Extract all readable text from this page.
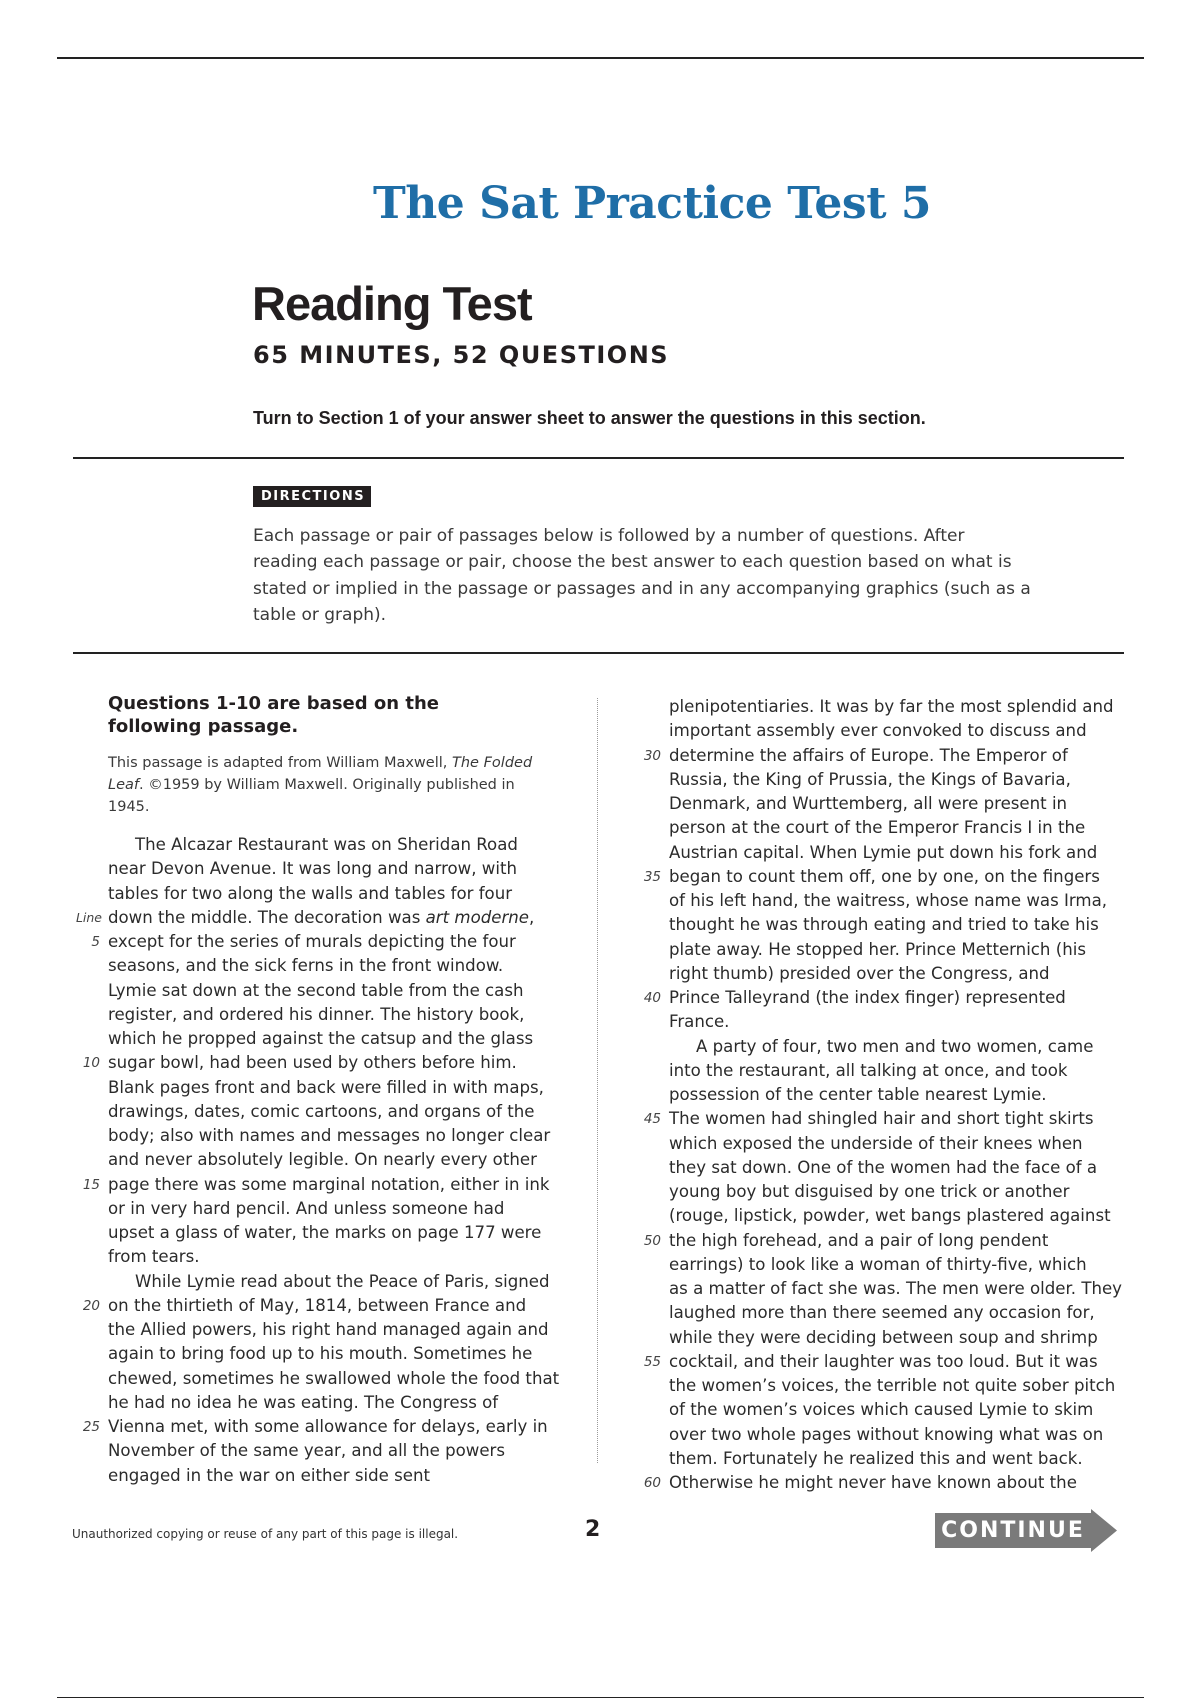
The Sat Practice Test 5
Reading Test
65 MINUTES, 52 QUESTIONS
Turn to Section 1 of your answer sheet to answer the questions in this section.
DIRECTIONS
Each passage or pair of passages below is followed by a number of questions. After reading each passage or pair, choose the best answer to each question based on what is stated or implied in the passage or passages and in any accompanying graphics (such as a table or graph).
Questions 1-10 are based on the following passage.
This passage is adapted from William Maxwell, The Folded Leaf. ©1959 by William Maxwell. Originally published in 1945.
The Alcazar Restaurant was on Sheridan Road
near Devon Avenue. It was long and narrow, with
tables for two along the walls and tables for four
Line down the middle. The decoration was art moderne,
5 except for the series of murals depicting the four
seasons, and the sick ferns in the front window.
Lymie sat down at the second table from the cash
register, and ordered his dinner. The history book,
which he propped against the catsup and the glass
10 sugar bowl, had been used by others before him.
Blank pages front and back were filled in with maps,
drawings, dates, comic cartoons, and organs of the
body; also with names and messages no longer clear
and never absolutely legible. On nearly every other
15 page there was some marginal notation, either in ink
or in very hard pencil. And unless someone had
upset a glass of water, the marks on page 177 were
from tears.
While Lymie read about the Peace of Paris, signed
20 on the thirtieth of May, 1814, between France and
the Allied powers, his right hand managed again and
again to bring food up to his mouth. Sometimes he
chewed, sometimes he swallowed whole the food that
he had no idea he was eating. The Congress of
25 Vienna met, with some allowance for delays, early in
November of the same year, and all the powers
engaged in the war on either side sent
plenipotentiaries. It was by far the most splendid and
important assembly ever convoked to discuss and
30 determine the affairs of Europe. The Emperor of
Russia, the King of Prussia, the Kings of Bavaria,
Denmark, and Wurttemberg, all were present in
person at the court of the Emperor Francis I in the
Austrian capital. When Lymie put down his fork and
35 began to count them off, one by one, on the fingers
of his left hand, the waitress, whose name was Irma,
thought he was through eating and tried to take his
plate away. He stopped her. Prince Metternich (his
right thumb) presided over the Congress, and
40 Prince Talleyrand (the index finger) represented
France.
A party of four, two men and two women, came
into the restaurant, all talking at once, and took
possession of the center table nearest Lymie.
45 The women had shingled hair and short tight skirts
which exposed the underside of their knees when
they sat down. One of the women had the face of a
young boy but disguised by one trick or another
(rouge, lipstick, powder, wet bangs plastered against
50 the high forehead, and a pair of long pendent
earrings) to look like a woman of thirty-five, which
as a matter of fact she was. The men were older. They
laughed more than there seemed any occasion for,
while they were deciding between soup and shrimp
55 cocktail, and their laughter was too loud. But it was
the women’s voices, the terrible not quite sober pitch
of the women’s voices which caused Lymie to skim
over two whole pages without knowing what was on
them. Fortunately he realized this and went back.
60 Otherwise he might never have known about the
Unauthorized copying or reuse of any part of this page is illegal.	2	CONTINUE
